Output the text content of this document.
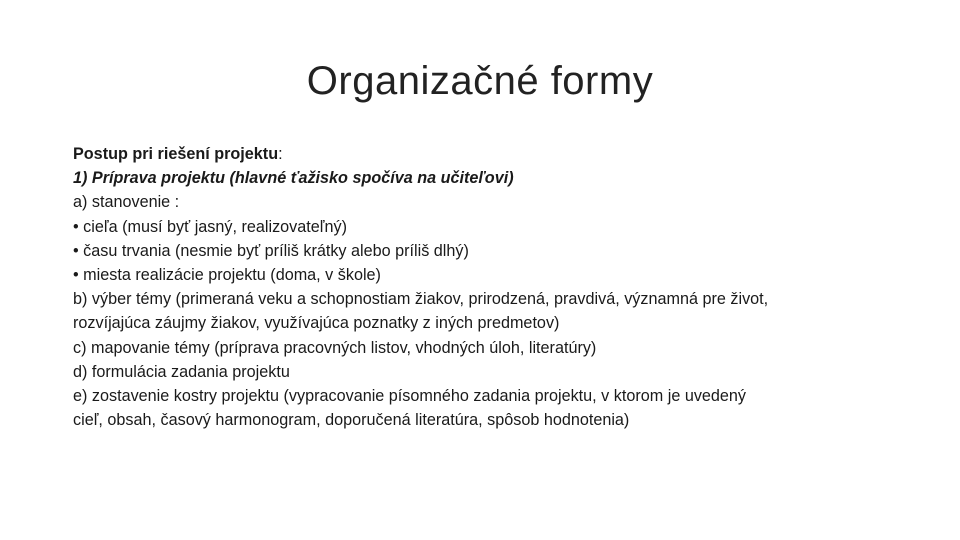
Organizačné formy
Postup pri riešení projektu:
1) Príprava projektu (hlavné ťažisko spočíva na učiteľovi)
a) stanovenie :
• cieľa (musí byť jasný, realizovateľný)
• času trvania (nesmie byť príliš krátky alebo príliš dlhý)
• miesta realizácie projektu (doma, v škole)
b) výber témy (primeraná veku a schopnostiam žiakov, prirodzená, pravdivá, významná pre život,
rozvíjajúca záujmy žiakov, využívajúca poznatky z iných predmetov)
c) mapovanie témy (príprava pracovných listov, vhodných úloh, literatúry)
d) formulácia zadania projektu
e) zostavenie kostry projektu (vypracovanie písomného zadania projektu, v ktorom je uvedený
cieľ, obsah, časový harmonogram, doporučená literatúra, spôsob hodnotenia)
